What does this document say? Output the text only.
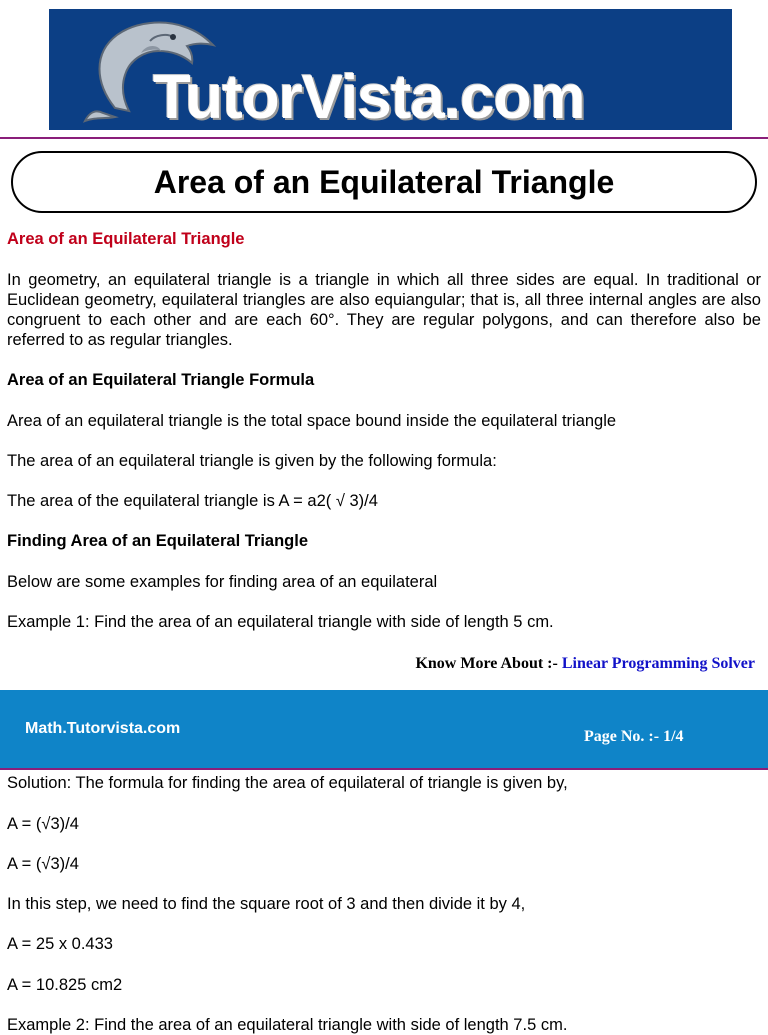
TutorVista.com	TM
Area of an Equilateral Triangle
Area of an Equilateral Triangle
In geometry, an equilateral triangle is a triangle in which all three sides are equal. In traditional or Euclidean geometry, equilateral triangles are also equiangular; that is, all three internal angles are also congruent to each other and are each 60°. They are regular polygons, and can therefore also be referred to as regular triangles.
Area of an Equilateral Triangle Formula
Area of an equilateral triangle is the total space bound inside the equilateral triangle
The area of an equilateral triangle is given by the following formula:
The area of the equilateral triangle is A = a2( √ 3)/4
Finding Area of an Equilateral Triangle
Below are some examples for finding area of an equilateral
Example 1: Find the area of an equilateral triangle with side of length 5 cm.
Know More About :- Linear Programming Solver
Math.Tutorvista.com	Page No. :- 1/4
Solution: The formula for finding the area of equilateral of triangle is given by,
A = (√3)/4
A = (√3)/4
In this step, we need to find the square root of 3 and then divide it by 4,
A = 25 x 0.433
A = 10.825 cm2
Example 2: Find the area of an equilateral triangle with side of length 7.5 cm.
